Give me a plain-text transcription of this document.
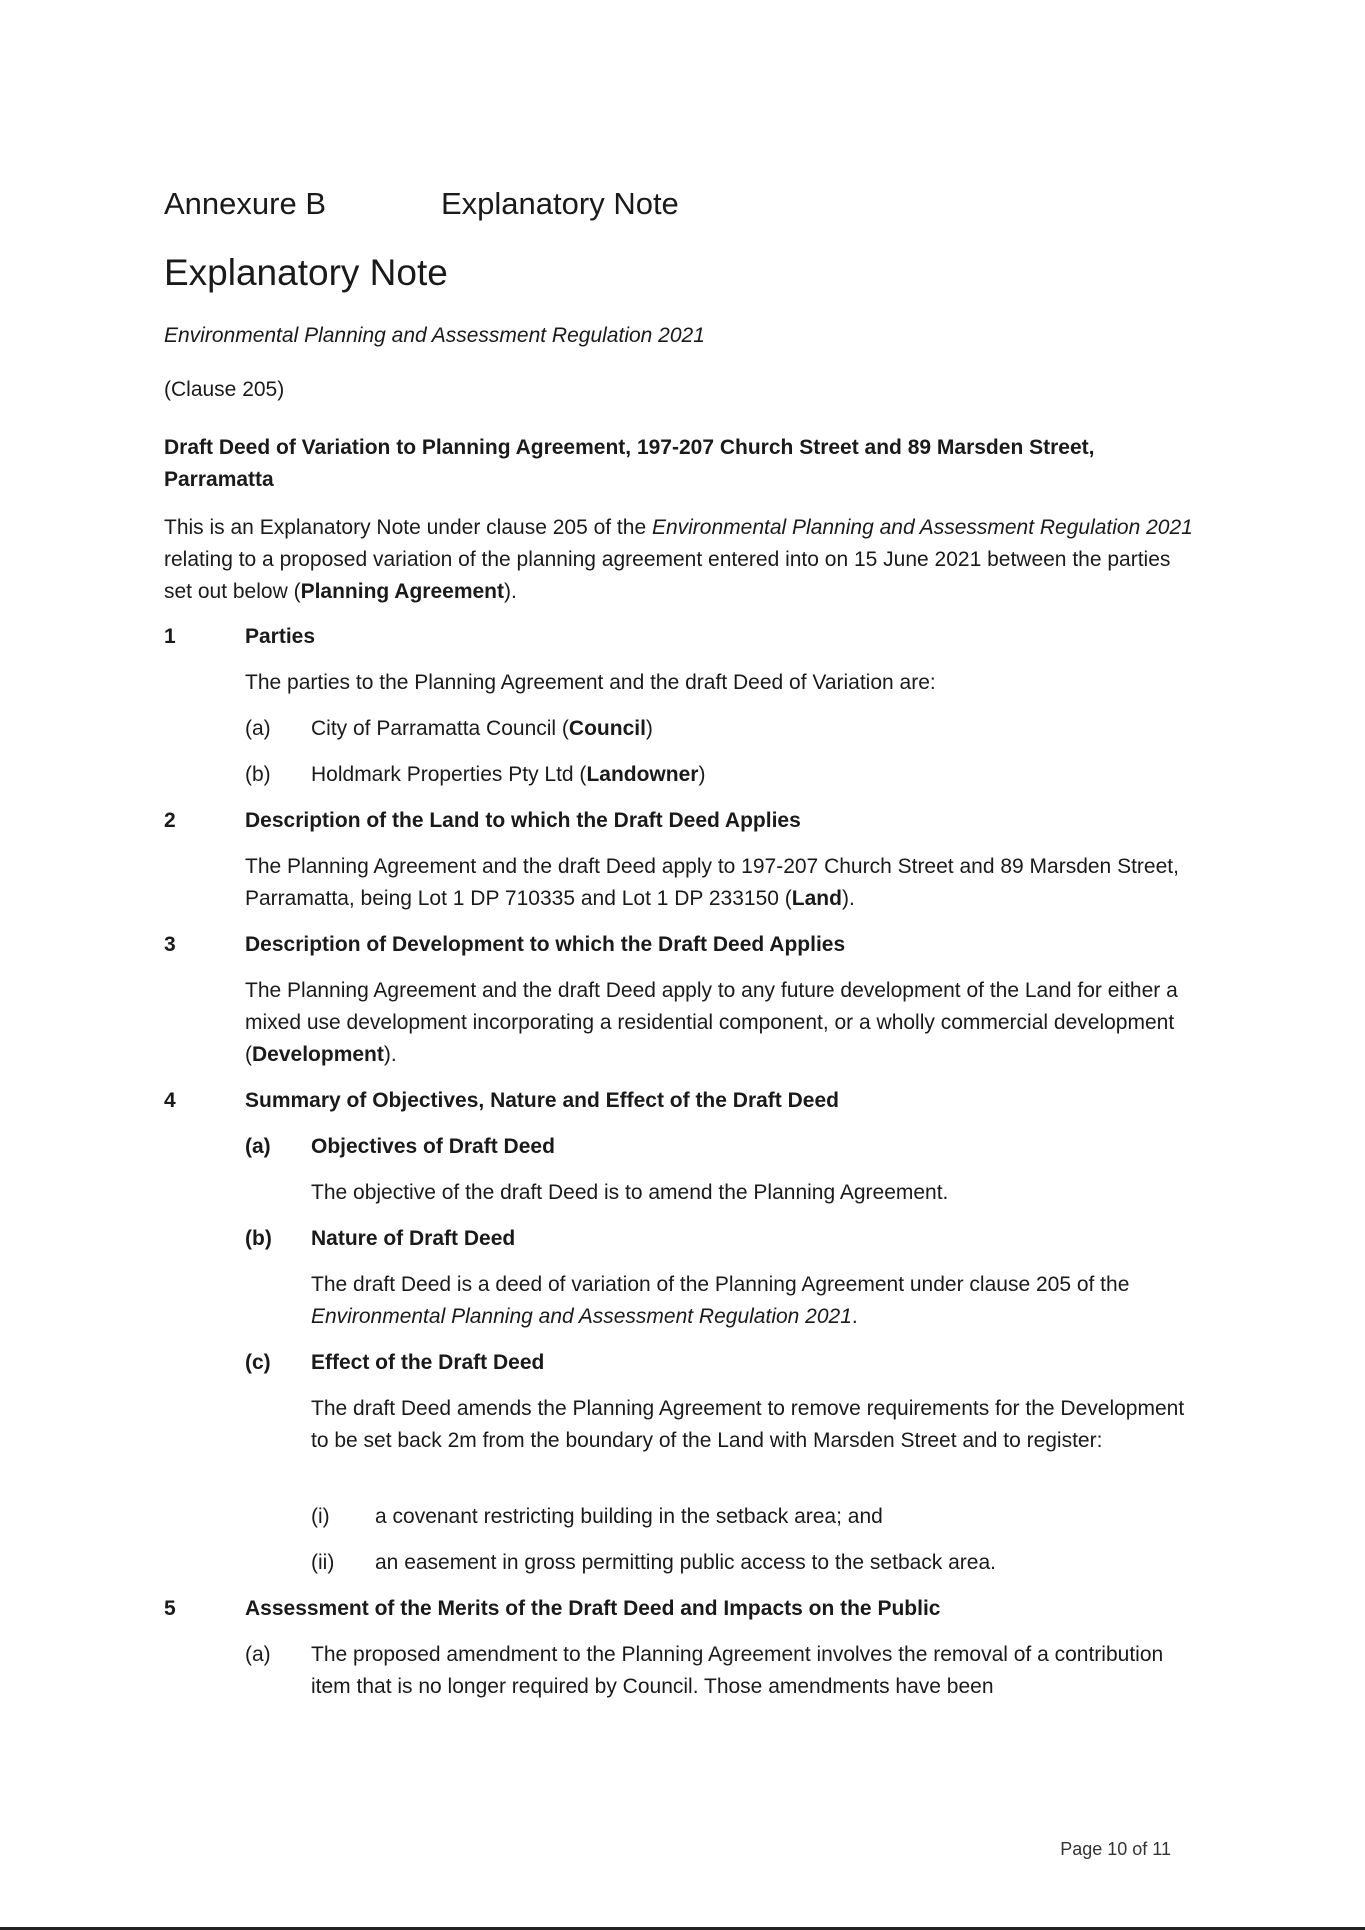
Annexure B	Explanatory Note
Explanatory Note
Environmental Planning and Assessment Regulation 2021
(Clause 205)
Draft Deed of Variation to Planning Agreement, 197-207 Church Street and 89 Marsden Street, Parramatta
This is an Explanatory Note under clause 205 of the Environmental Planning and Assessment Regulation 2021 relating to a proposed variation of the planning agreement entered into on 15 June 2021 between the parties set out below (Planning Agreement).
1	Parties
The parties to the Planning Agreement and the draft Deed of Variation are:
(a) City of Parramatta Council (Council)
(b) Holdmark Properties Pty Ltd (Landowner)
2	Description of the Land to which the Draft Deed Applies
The Planning Agreement and the draft Deed apply to 197-207 Church Street and 89 Marsden Street, Parramatta, being Lot 1 DP 710335 and Lot 1 DP 233150 (Land).
3	Description of Development to which the Draft Deed Applies
The Planning Agreement and the draft Deed apply to any future development of the Land for either a mixed use development incorporating a residential component, or a wholly commercial development (Development).
4	Summary of Objectives, Nature and Effect of the Draft Deed
(a) Objectives of Draft Deed
The objective of the draft Deed is to amend the Planning Agreement.
(b) Nature of Draft Deed
The draft Deed is a deed of variation of the Planning Agreement under clause 205 of the Environmental Planning and Assessment Regulation 2021.
(c) Effect of the Draft Deed
The draft Deed amends the Planning Agreement to remove requirements for the Development to be set back 2m from the boundary of the Land with Marsden Street and to register:
(i) a covenant restricting building in the setback area; and
(ii) an easement in gross permitting public access to the setback area.
5	Assessment of the Merits of the Draft Deed and Impacts on the Public
(a) The proposed amendment to the Planning Agreement involves the removal of a contribution item that is no longer required by Council. Those amendments have been
Page 10 of 11
